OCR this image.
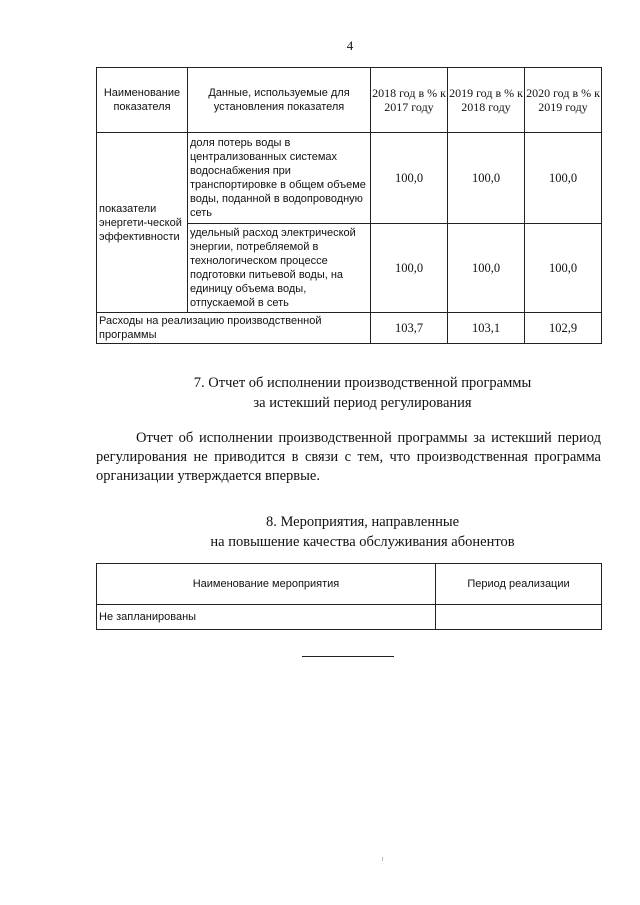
4
Наименование показателя	Данные, используемые для установления показателя	2018 год в % к 2017 году	2019 год в % к 2018 году	2020 год в % к 2019 году
показатели энергети-ческой эффективности	доля потерь воды в централизованных системах водоснабжения при транспортировке в общем объеме воды, поданной в водопроводную сеть	100,0	100,0	100,0
	удельный расход электрической энергии, потребляемой в технологическом процессе подготовки питьевой воды, на единицу объема воды, отпускаемой в сеть	100,0	100,0	100,0
Расходы на реализацию производственной программы		103,7	103,1	102,9
7. Отчет об исполнении производственной программы
за истекший период регулирования
Отчет об исполнении производственной программы за истекший период регулирования не приводится в связи с тем, что производственная программа организации утверждается впервые.
8. Мероприятия, направленные
на повышение качества обслуживания абонентов
Наименование мероприятия	Период реализации
Не запланированы	
